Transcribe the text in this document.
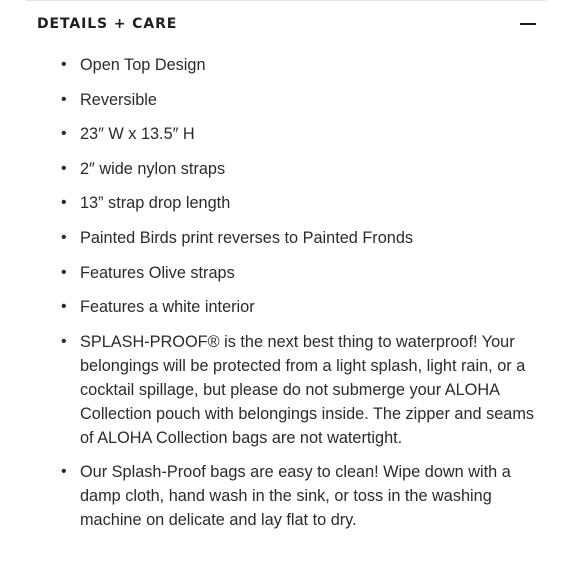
DETAILS + CARE
• Open Top Design
• Reversible
• 23″ W x 13.5″ H
• 2″ wide nylon straps
• 13” strap drop length
• Painted Birds print reverses to Painted Fronds
• Features Olive straps
• Features a white interior
• SPLASH-PROOF® is the next best thing to waterproof! Your belongings will be protected from a light splash, light rain, or a cocktail spillage, but please do not submerge your ALOHA Collection pouch with belongings inside. The zipper and seams of ALOHA Collection bags are not watertight.
• Our Splash-Proof bags are easy to clean! Wipe down with a damp cloth, hand wash in the sink, or toss in the washing machine on delicate and lay flat to dry.
